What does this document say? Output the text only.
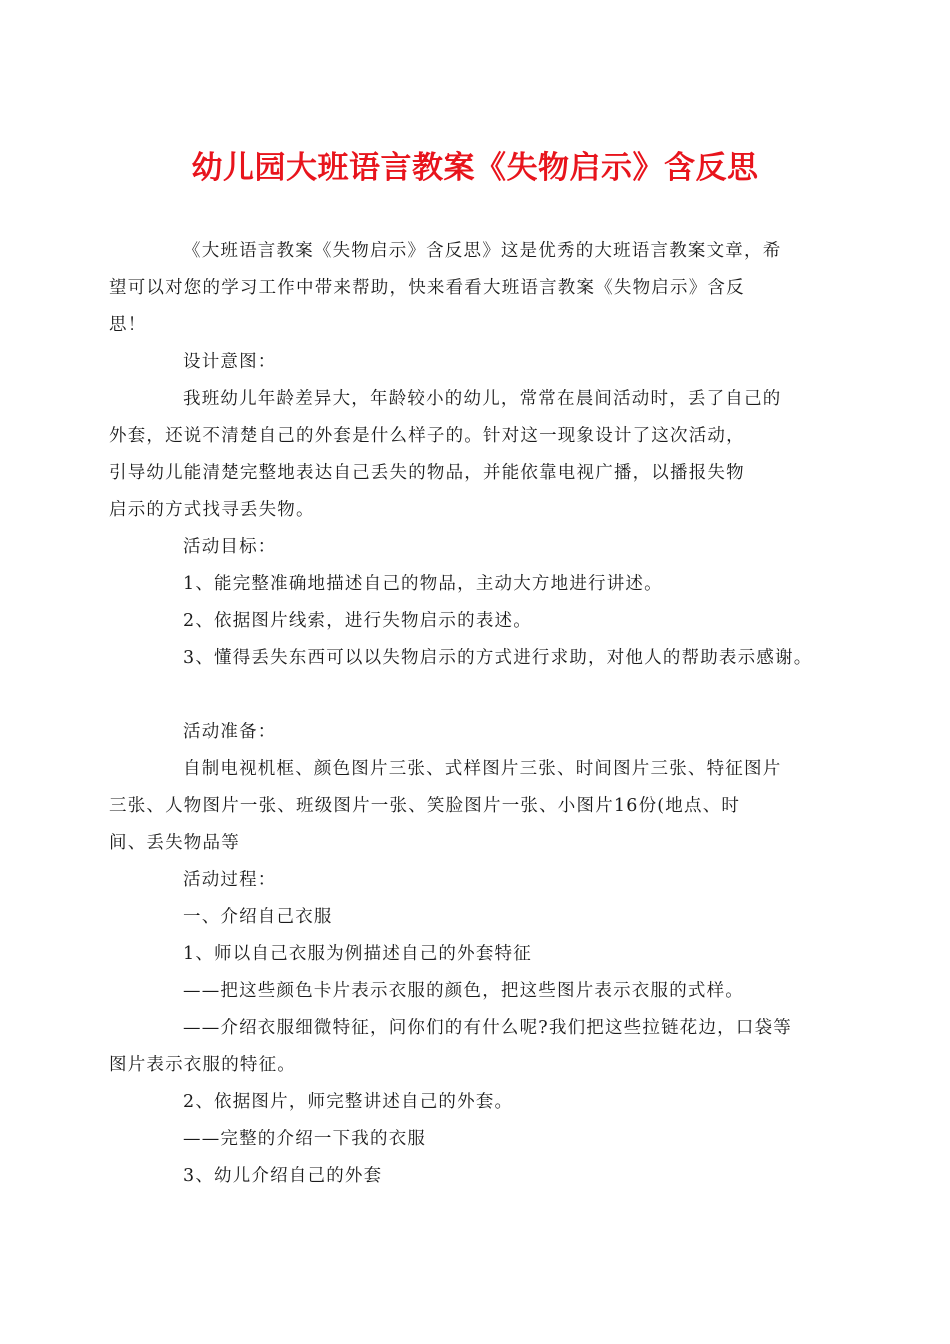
幼儿园大班语言教案《失物启示》含反思

《大班语言教案《失物启示》含反思》这是优秀的大班语言教案文章，希
望可以对您的学习工作中带来帮助，快来看看大班语言教案《失物启示》含反
思！

设计意图：

我班幼儿年龄差异大，年龄较小的幼儿，常常在晨间活动时，丢了自己的
外套，还说不清楚自己的外套是什么样子的。针对这一现象设计了这次活动，
引导幼儿能清楚完整地表达自己丢失的物品，并能依靠电视广播，以播报失物
启示的方式找寻丢失物。

活动目标：

1、能完整准确地描述自己的物品，主动大方地进行讲述。

2、依据图片线索，进行失物启示的表述。

3、懂得丢失东西可以以失物启示的方式进行求助，对他人的帮助表示感谢。

活动准备：

自制电视机框、颜色图片三张、式样图片三张、时间图片三张、特征图片
三张、人物图片一张、班级图片一张、笑脸图片一张、小图片16份(地点、时
间、丢失物品等

活动过程：

一、介绍自己衣服

1、师以自己衣服为例描述自己的外套特征

——把这些颜色卡片表示衣服的颜色，把这些图片表示衣服的式样。

——介绍衣服细微特征，问你们的有什么呢?我们把这些拉链花边，口袋等
图片表示衣服的特征。

2、依据图片，师完整讲述自己的外套。

——完整的介绍一下我的衣服

3、幼儿介绍自己的外套
